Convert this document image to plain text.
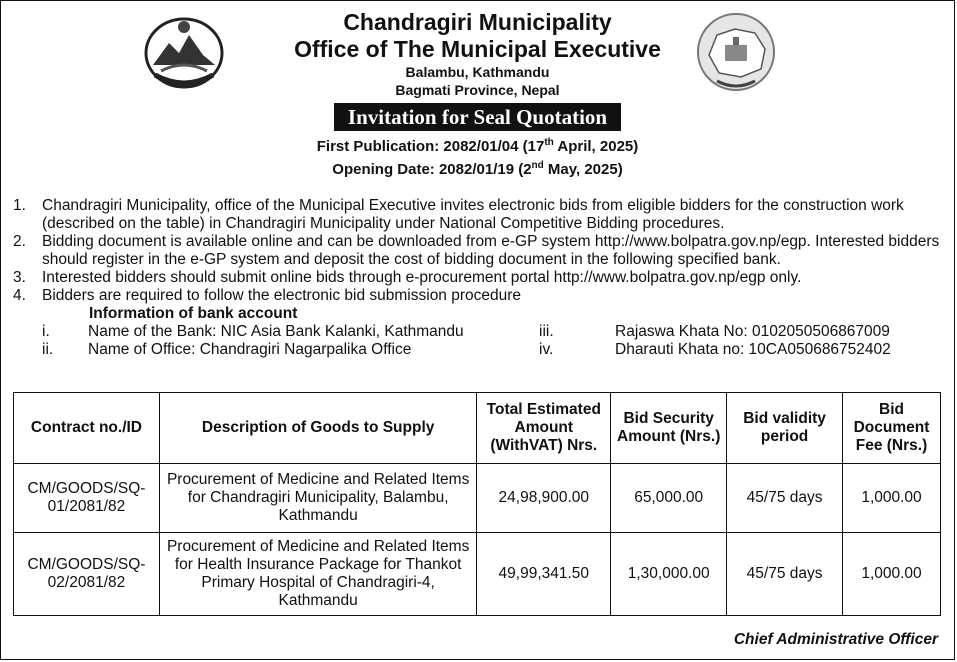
Chandragiri Municipality
Office of The Municipal Executive
Balambu, Kathmandu
Bagmati Province, Nepal
Invitation for Seal Quotation
First Publication: 2082/01/04 (17th April, 2025)
Opening Date: 2082/01/19 (2nd May, 2025)
1.	Chandragiri Municipality, office of the Municipal Executive invites electronic bids from eligible bidders for the construction work (described on the table) in Chandragiri Municipality under National Competitive Bidding procedures.
2.	Bidding document is available online and can be downloaded from e-GP system http://www.bolpatra.gov.np/egp. Interested bidders should register in the e-GP system and deposit the cost of bidding document in the following specified bank.
3.	Interested bidders should submit online bids through e-procurement portal http://www.bolpatra.gov.np/egp only.
4.	Bidders are required to follow the electronic bid submission procedure
Information of bank account
i.	Name of the Bank: NIC Asia Bank Kalanki, Kathmandu	iii.	Rajaswa Khata No: 0102050506867009
ii.	Name of Office: Chandragiri Nagarpalika Office	iv.	Dharauti Khata no: 10CA050686752402
Contract no./ID	Description of Goods to Supply	Total Estimated Amount (WithVAT) Nrs.	Bid Security Amount (Nrs.)	Bid validity period	Bid Document Fee (Nrs.)
CM/GOODS/SQ-01/2081/82	Procurement of Medicine and Related Items for Chandragiri Municipality, Balambu, Kathmandu	24,98,900.00	65,000.00	45/75 days	1,000.00
CM/GOODS/SQ-02/2081/82	Procurement of Medicine and Related Items for Health Insurance Package for Thankot Primary Hospital of Chandragiri-4, Kathmandu	49,99,341.50	1,30,000.00	45/75 days	1,000.00
Chief Administrative Officer
